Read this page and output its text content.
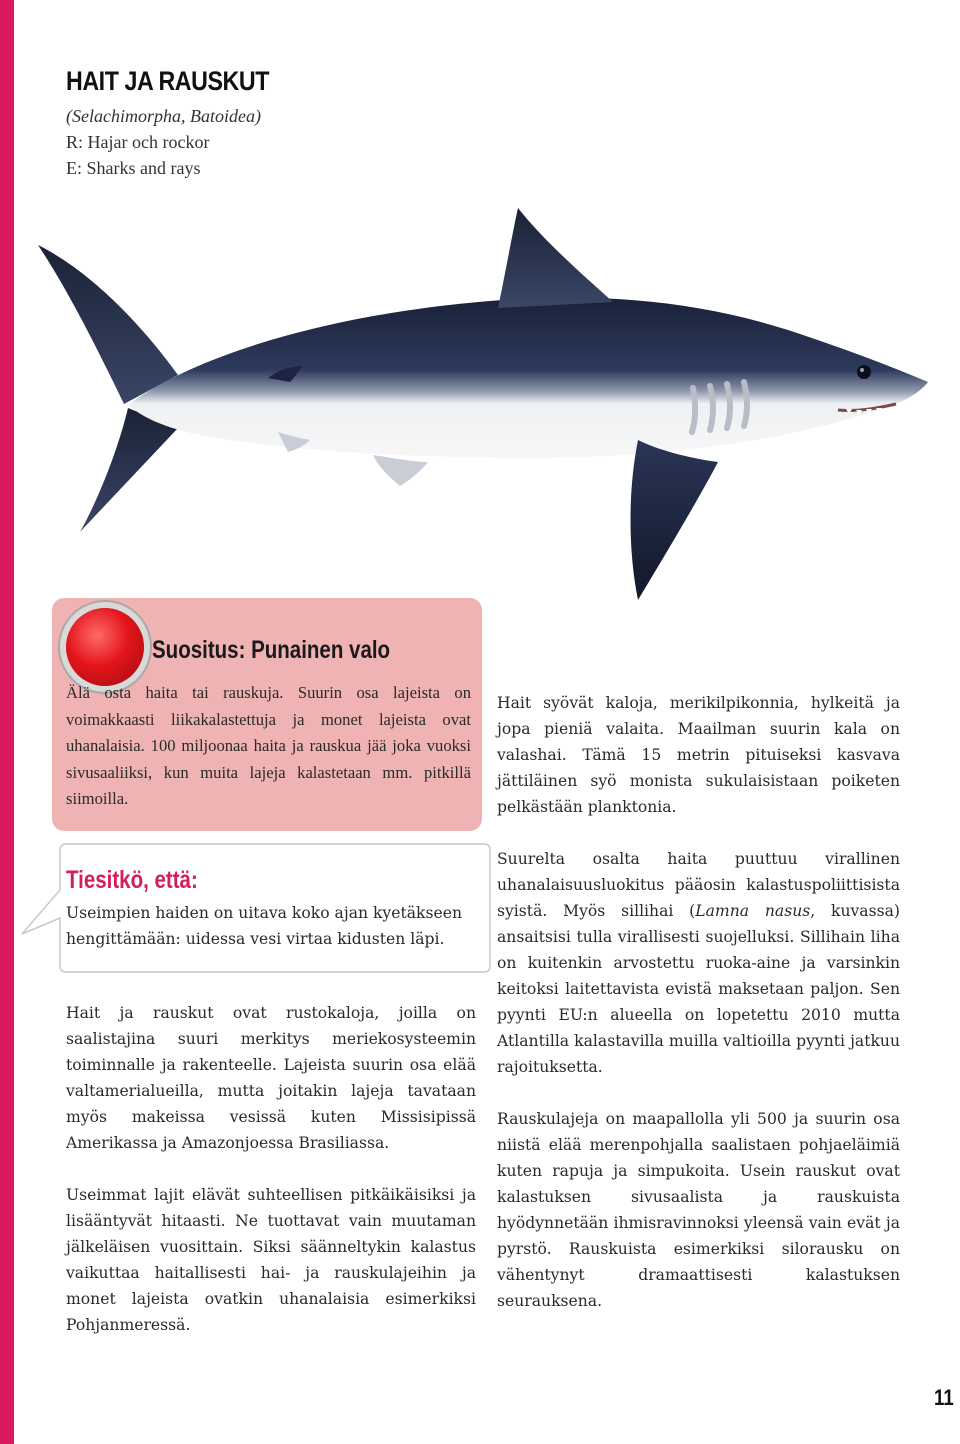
HAIT JA RAUSKUT
(Selachimorpha, Batoidea)
R: Hajar och rockor
E: Sharks and rays
Suositus: Punainen valo

Älä osta haita tai rauskuja. Suurin osa lajeista on voimakkaasti liikakalastettuja ja monet lajeista ovat uhanalaisia. 100 miljoonaa haita ja rauskua jää joka vuoksi sivusaaliiksi, kun muita lajeja kalastetaan mm. pitkillä siimoilla.

Tiesitkö, että:

Useimpien haiden on uitava koko ajan kyetäkseen hengittämään: uidessa vesi virtaa kidusten läpi.

Hait ja rauskut ovat rustokaloja, joilla on saalistajina suuri merkitys meriekosysteemin toiminnalle ja rakenteelle. Lajeista suurin osa elää valtamerialueilla, mutta joitakin lajeja tavataan myös makeissa vesissä kuten Missisipissä Amerikassa ja Amazonjoessa Brasiliassa.

Useimmat lajit elävät suhteellisen pitkäikäisiksi ja lisääntyvät hitaasti. Ne tuottavat vain muutaman jälkeläisen vuosittain. Siksi säänneltykin kalastus vaikuttaa haitallisesti hai- ja rauskulajeihin ja monet lajeista ovatkin uhanalaisia esimerkiksi Pohjanmeressä.

Hait syövät kaloja, merikilpikonnia, hylkeitä ja jopa pieniä valaita. Maailman suurin kala on valashai. Tämä 15 metrin pituiseksi kasvava jättiläinen syö monista sukulaisistaan poiketen pelkästään planktonia.

Suurelta osalta haita puuttuu virallinen uhanalaisuusluokitus pääosin kalastuspoliittisista syistä. Myös sillihai (Lamna nasus, kuvassa) ansaitsisi tulla virallisesti suojelluksi. Sillihain liha on kuitenkin arvostettu ruoka-aine ja varsinkin keitoksi laitettavista evistä maksetaan paljon. Sen pyynti EU:n alueella on lopetettu 2010 mutta Atlantilla kalastavilla muilla valtioilla pyynti jatkuu rajoituksetta.

Rauskulajeja on maapallolla yli 500 ja suurin osa niistä elää merenpohjalla saalistaen pohjaeläimiä kuten rapuja ja simpukoita. Usein rauskut ovat kalastuksen sivusaalista ja rauskuista hyödynnetään ihmisravinnoksi yleensä vain evät ja pyrstö. Rauskuista esimerkiksi silorausku on vähentynyt dramaattisesti kalastuksen seurauksena.

11
